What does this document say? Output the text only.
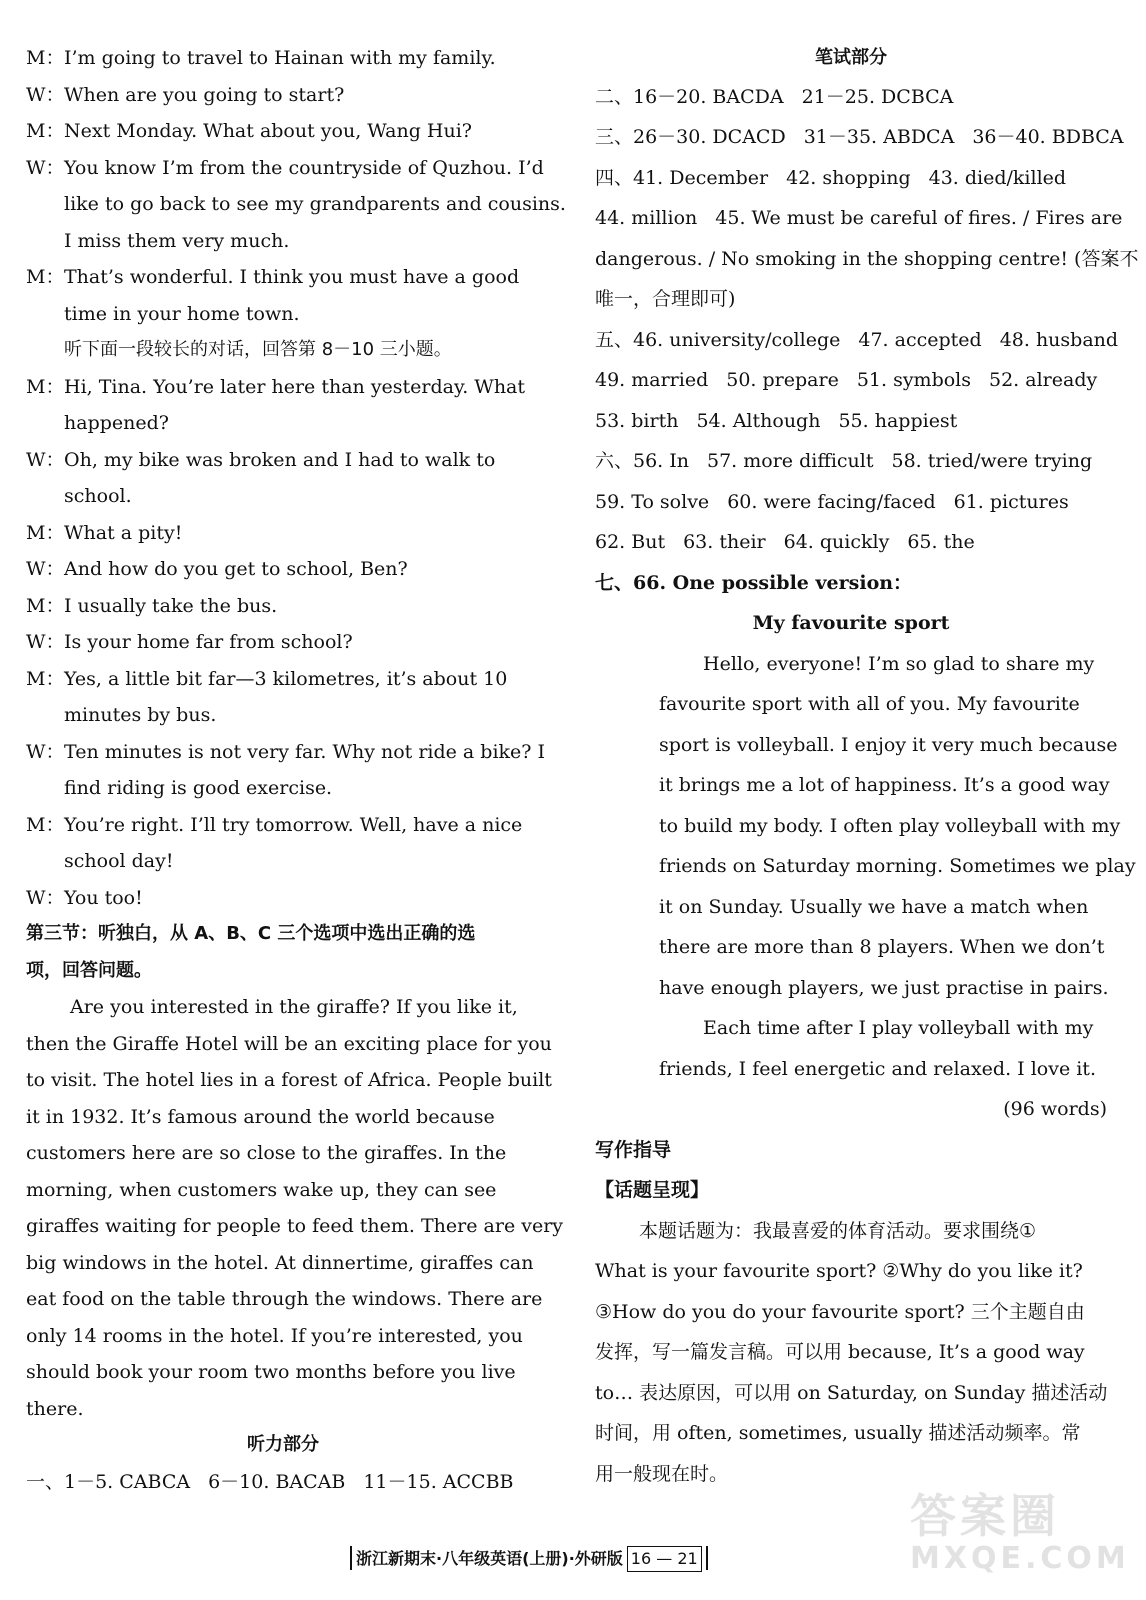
M：I’m going to travel to Hainan with my family.
W：When are you going to start?
M：Next Monday. What about you, Wang Hui?
W：You know I’m from the countryside of Quzhou. I’d
like to go back to see my grandparents and cousins.
I miss them very much.
M：That’s wonderful. I think you must have a good
time in your home town.
听下面一段较长的对话，回答第 8－10 三小题。
M：Hi, Tina. You’re later here than yesterday. What
happened?
W：Oh, my bike was broken and I had to walk to
school.
M：What a pity!
W：And how do you get to school, Ben?
M：I usually take the bus.
W：Is your home far from school?
M：Yes, a little bit far—3 kilometres, it’s about 10
minutes by bus.
W：Ten minutes is not very far. Why not ride a bike? I
find riding is good exercise.
M：You’re right. I’ll try tomorrow. Well, have a nice
school day!
W：You too!
第三节：听独白，从 A、B、C 三个选项中选出正确的选
项，回答问题。
Are you interested in the giraffe? If you like it,
then the Giraffe Hotel will be an exciting place for you
to visit. The hotel lies in a forest of Africa. People built
it in 1932. It’s famous around the world because
customers here are so close to the giraffes. In the
morning, when customers wake up, they can see
giraffes waiting for people to feed them. There are very
big windows in the hotel. At dinnertime, giraffes can
eat food on the table through the windows. There are
only 14 rooms in the hotel. If you’re interested, you
should book your room two months before you live
there.
听力部分
一、1－5. CABCA 6－10. BACAB 11－15. ACCBB
笔试部分
二、16－20. BACDA 21－25. DCBCA
三、26－30. DCACD 31－35. ABDCA 36－40. BDBCA
四、41. December 42. shopping 43. died/killed
44. million 45. We must be careful of fires. / Fires are
dangerous. / No smoking in the shopping centre! (答案不
唯一，合理即可)
五、46. university/college 47. accepted 48. husband
49. married 50. prepare 51. symbols 52. already
53. birth 54. Although 55. happiest
六、56. In 57. more difficult 58. tried/were trying
59. To solve 60. were facing/faced 61. pictures
62. But 63. their 64. quickly 65. the
七、66. One possible version：
My favourite sport
Hello, everyone! I’m so glad to share my
favourite sport with all of you. My favourite
sport is volleyball. I enjoy it very much because
it brings me a lot of happiness. It’s a good way
to build my body. I often play volleyball with my
friends on Saturday morning. Sometimes we play
it on Sunday. Usually we have a match when
there are more than 8 players. When we don’t
have enough players, we just practise in pairs.
Each time after I play volleyball with my
friends, I feel energetic and relaxed. I love it.
(96 words)
写作指导
【话题呈现】
本题话题为：我最喜爱的体育活动。要求围绕①
What is your favourite sport? ②Why do you like it?
③How do you do your favourite sport? 三个主题自由
发挥，写一篇发言稿。可以用 because, It’s a good way
to… 表达原因，可以用 on Saturday, on Sunday 描述活动
时间，用 often, sometimes, usually 描述活动频率。常
用一般现在时。
浙江新期末·八年级英语(上册)·外研版 16 — 21
答案圈
MXQE.COM
